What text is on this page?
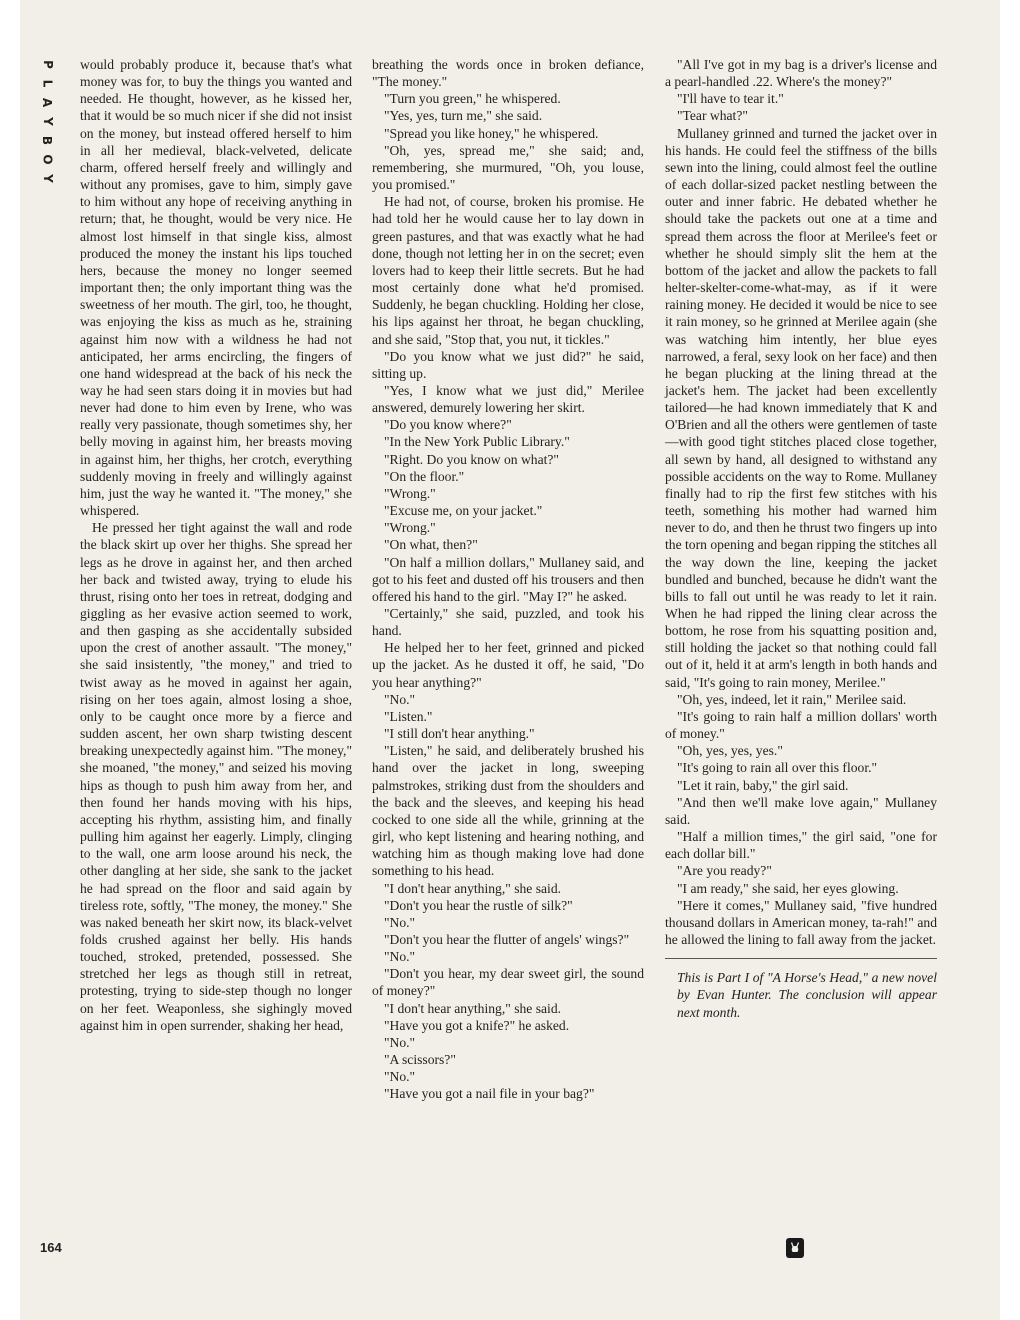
P
L
A
Y
B
O
Y

would probably produce it, because that's what money was for, to buy the things you wanted and needed. He thought, however, as he kissed her, that it would be so much nicer if she did not insist on the money, but instead offered herself to him in all her medieval, black-velveted, delicate charm, offered herself freely and willingly and without any promises, gave to him, simply gave to him without any hope of receiving anything in return; that, he thought, would be very nice. He almost lost himself in that single kiss, almost produced the money the instant his lips touched hers, because the money no longer seemed important then; the only important thing was the sweetness of her mouth. The girl, too, he thought, was enjoying the kiss as much as he, straining against him now with a wildness he had not anticipated, her arms encircling, the fingers of one hand widespread at the back of his neck the way he had seen stars doing it in movies but had never had done to him even by Irene, who was really very passionate, though sometimes shy, her belly moving in against him, her breasts moving in against him, her thighs, her crotch, everything suddenly moving in freely and willingly against him, just the way he wanted it. "The money," she whispered.

He pressed her tight against the wall and rode the black skirt up over her thighs. She spread her legs as he drove in against her, and then arched her back and twisted away, trying to elude his thrust, rising onto her toes in retreat, dodging and giggling as her evasive action seemed to work, and then gasping as she accidentally subsided upon the crest of another assault. "The money," she said insistently, "the money," and tried to twist away as he moved in against her again, rising on her toes again, almost losing a shoe, only to be caught once more by a fierce and sudden ascent, her own sharp twisting descent breaking unexpectedly against him. "The money," she moaned, "the money," and seized his moving hips as though to push him away from her, and then found her hands moving with his hips, accepting his rhythm, assisting him, and finally pulling him against her eagerly. Limply, clinging to the wall, one arm loose around his neck, the other dangling at her side, she sank to the jacket he had spread on the floor and said again by tireless rote, softly, "The money, the money." She was naked beneath her skirt now, its black-velvet folds crushed against her belly. His hands touched, stroked, pretended, possessed. She stretched her legs as though still in retreat, protesting, trying to side-step though no longer on her feet. Weaponless, she sighingly moved against him in open surrender, shaking her head,

breathing the words once in broken defiance, "The money."

"Turn you green," he whispered.

"Yes, yes, turn me," she said.

"Spread you like honey," he whispered.

"Oh, yes, spread me," she said; and, remembering, she murmured, "Oh, you louse, you promised."

He had not, of course, broken his promise. He had told her he would cause her to lay down in green pastures, and that was exactly what he had done, though not letting her in on the secret; even lovers had to keep their little secrets. But he had most certainly done what he'd promised. Suddenly, he began chuckling. Holding her close, his lips against her throat, he began chuckling, and she said, "Stop that, you nut, it tickles."

"Do you know what we just did?" he said, sitting up.

"Yes, I know what we just did," Merilee answered, demurely lowering her skirt.

"Do you know where?"

"In the New York Public Library."

"Right. Do you know on what?"

"On the floor."

"Wrong."

"Excuse me, on your jacket."

"Wrong."

"On what, then?"

"On half a million dollars," Mullaney said, and got to his feet and dusted off his trousers and then offered his hand to the girl. "May I?" he asked.

"Certainly," she said, puzzled, and took his hand.

He helped her to her feet, grinned and picked up the jacket. As he dusted it off, he said, "Do you hear anything?"

"No."

"Listen."

"I still don't hear anything."

"Listen," he said, and deliberately brushed his hand over the jacket in long, sweeping palmstrokes, striking dust from the shoulders and the back and the sleeves, and keeping his head cocked to one side all the while, grinning at the girl, who kept listening and hearing nothing, and watching him as though making love had done something to his head.

"I don't hear anything," she said.

"Don't you hear the rustle of silk?"

"No."

"Don't you hear the flutter of angels' wings?"

"No."

"Don't you hear, my dear sweet girl, the sound of money?"

"I don't hear anything," she said.

"Have you got a knife?" he asked.

"No."

"A scissors?"

"No."

"Have you got a nail file in your bag?"

"All I've got in my bag is a driver's license and a pearl-handled .22. Where's the money?"

"I'll have to tear it."

"Tear what?"

Mullaney grinned and turned the jacket over in his hands. He could feel the stiffness of the bills sewn into the lining, could almost feel the outline of each dollar-sized packet nestling between the outer and inner fabric. He debated whether he should take the packets out one at a time and spread them across the floor at Merilee's feet or whether he should simply slit the hem at the bottom of the jacket and allow the packets to fall helter-skelter-come-what-may, as if it were raining money. He decided it would be nice to see it rain money, so he grinned at Merilee again (she was watching him intently, her blue eyes narrowed, a feral, sexy look on her face) and then he began plucking at the lining thread at the jacket's hem. The jacket had been excellently tailored—he had known immediately that K and O'Brien and all the others were gentlemen of taste—with good tight stitches placed close together, all sewn by hand, all designed to withstand any possible accidents on the way to Rome. Mullaney finally had to rip the first few stitches with his teeth, something his mother had warned him never to do, and then he thrust two fingers up into the torn opening and began ripping the stitches all the way down the line, keeping the jacket bundled and bunched, because he didn't want the bills to fall out until he was ready to let it rain. When he had ripped the lining clear across the bottom, he rose from his squatting position and, still holding the jacket so that nothing could fall out of it, held it at arm's length in both hands and said, "It's going to rain money, Merilee."

"Oh, yes, indeed, let it rain," Merilee said.

"It's going to rain half a million dollars' worth of money."

"Oh, yes, yes, yes."

"It's going to rain all over this floor."

"Let it rain, baby," the girl said.

"And then we'll make love again," Mullaney said.

"Half a million times," the girl said, "one for each dollar bill."

"Are you ready?"

"I am ready," she said, her eyes glowing.

"Here it comes," Mullaney said, "five hundred thousand dollars in American money, ta-rah!" and he allowed the lining to fall away from the jacket.

This is Part I of "A Horse's Head," a new novel by Evan Hunter. The conclusion will appear next month.
164
